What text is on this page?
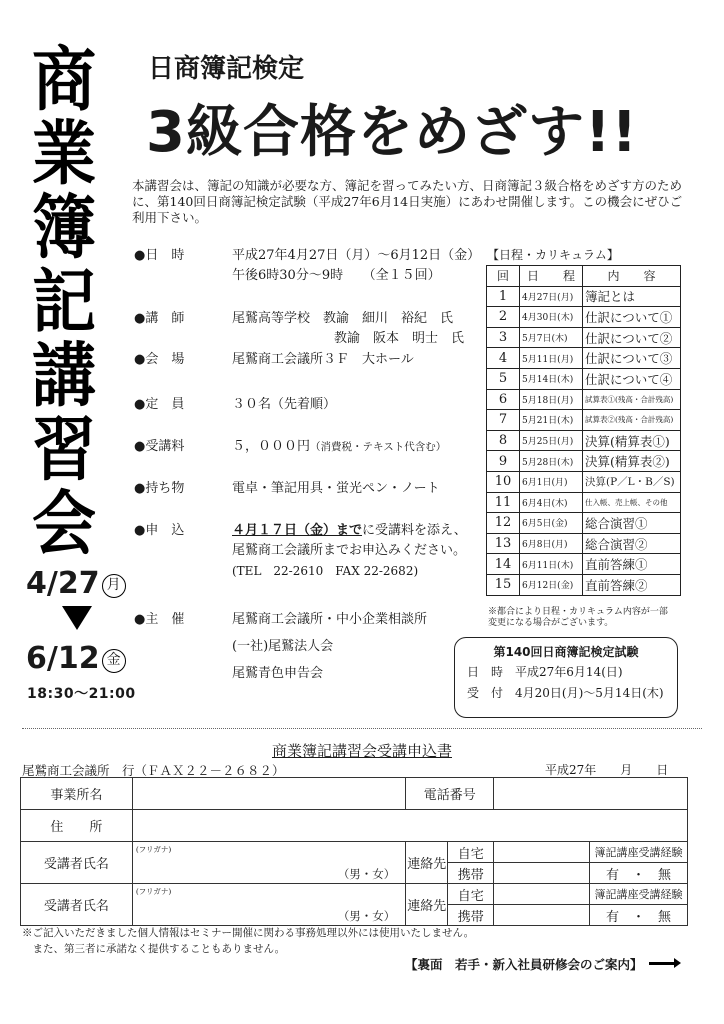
商
業
簿
記
講
習
会
4/27 月
6/12 金
18:30〜21:00
日商簿記検定
3級合格をめざす!!
本講習会は、簿記の知識が必要な方、簿記を習ってみたい方、日商簿記３級合格をめざす方のために、第140回日商簿記検定試験（平成27年6月14日実施）にあわせ開催します。この機会にぜひご利用下さい。
●日　時	平成27年4月27日（月）～6月12日（金）
午後6時30分～9時　　（全１５回）
●講　師	尾鷲高等学校　教諭　細川　裕紀　氏
教諭　阪本　明士　氏
●会　場	尾鷲商工会議所３Ｆ　大ホール
●定　員	３０名（先着順）
●受講料	５，０００円（消費税・テキスト代含む）
●持ち物	電卓・筆記用具・蛍光ペン・ノート
●申　込	４月１７日（金）までに受講料を添え、
尾鷲商工会議所までお申込みください。
(TEL　22-2610　FAX 22-2682)
●主　催	尾鷲商工会議所・中小企業相談所
(一社)尾鷲法人会
尾鷲青色申告会
【日程・カリキュラム】
回	日　　程	内　　容
1	4月27日(月)	簿記とは
2	4月30日(木)	仕訳について①
3	5月7日(木)	仕訳について②
4	5月11日(月)	仕訳について③
5	5月14日(木)	仕訳について④
6	5月18日(月)	試算表①(残高・合計残高)
7	5月21日(木)	試算表②(残高・合計残高)
8	5月25日(月)	決算(精算表①)
9	5月28日(木)	決算(精算表②)
10	6月1日(月)	決算(P／L・B／S)
11	6月4日(木)	仕入帳、売上帳、その他
12	6月5日(金)	総合演習①
13	6月8日(月)	総合演習②
14	6月11日(木)	直前答練①
15	6月12日(金)	直前答練②
※都合により日程・カリキュラム内容が一部
変更になる場合がございます。
第140回日商簿記検定試験
日　時　 平成27年6月14(日)
受　付　 4月20日(月)～5月14日(木)
商業簿記講習会受講申込書
尾鷲商工会議所　行（ＦＡＸ２２－２６８２）	平成27年　　月　　日
事業所名		電話番号			
住　　所					
受講者氏名	(フリガナ)
（男・女）	連絡先	自宅		簿記講座受講経験
			携帯		有　・　無
受講者氏名	(フリガナ)
（男・女）	連絡先	自宅		簿記講座受講経験
			携帯		有　・　無
※ご記入いただきました個人情報はセミナー開催に関わる事務処理以外には使用いたしません。
　また、第三者に承諾なく提供することもありません。
【裏面　若手・新入社員研修会のご案内】
